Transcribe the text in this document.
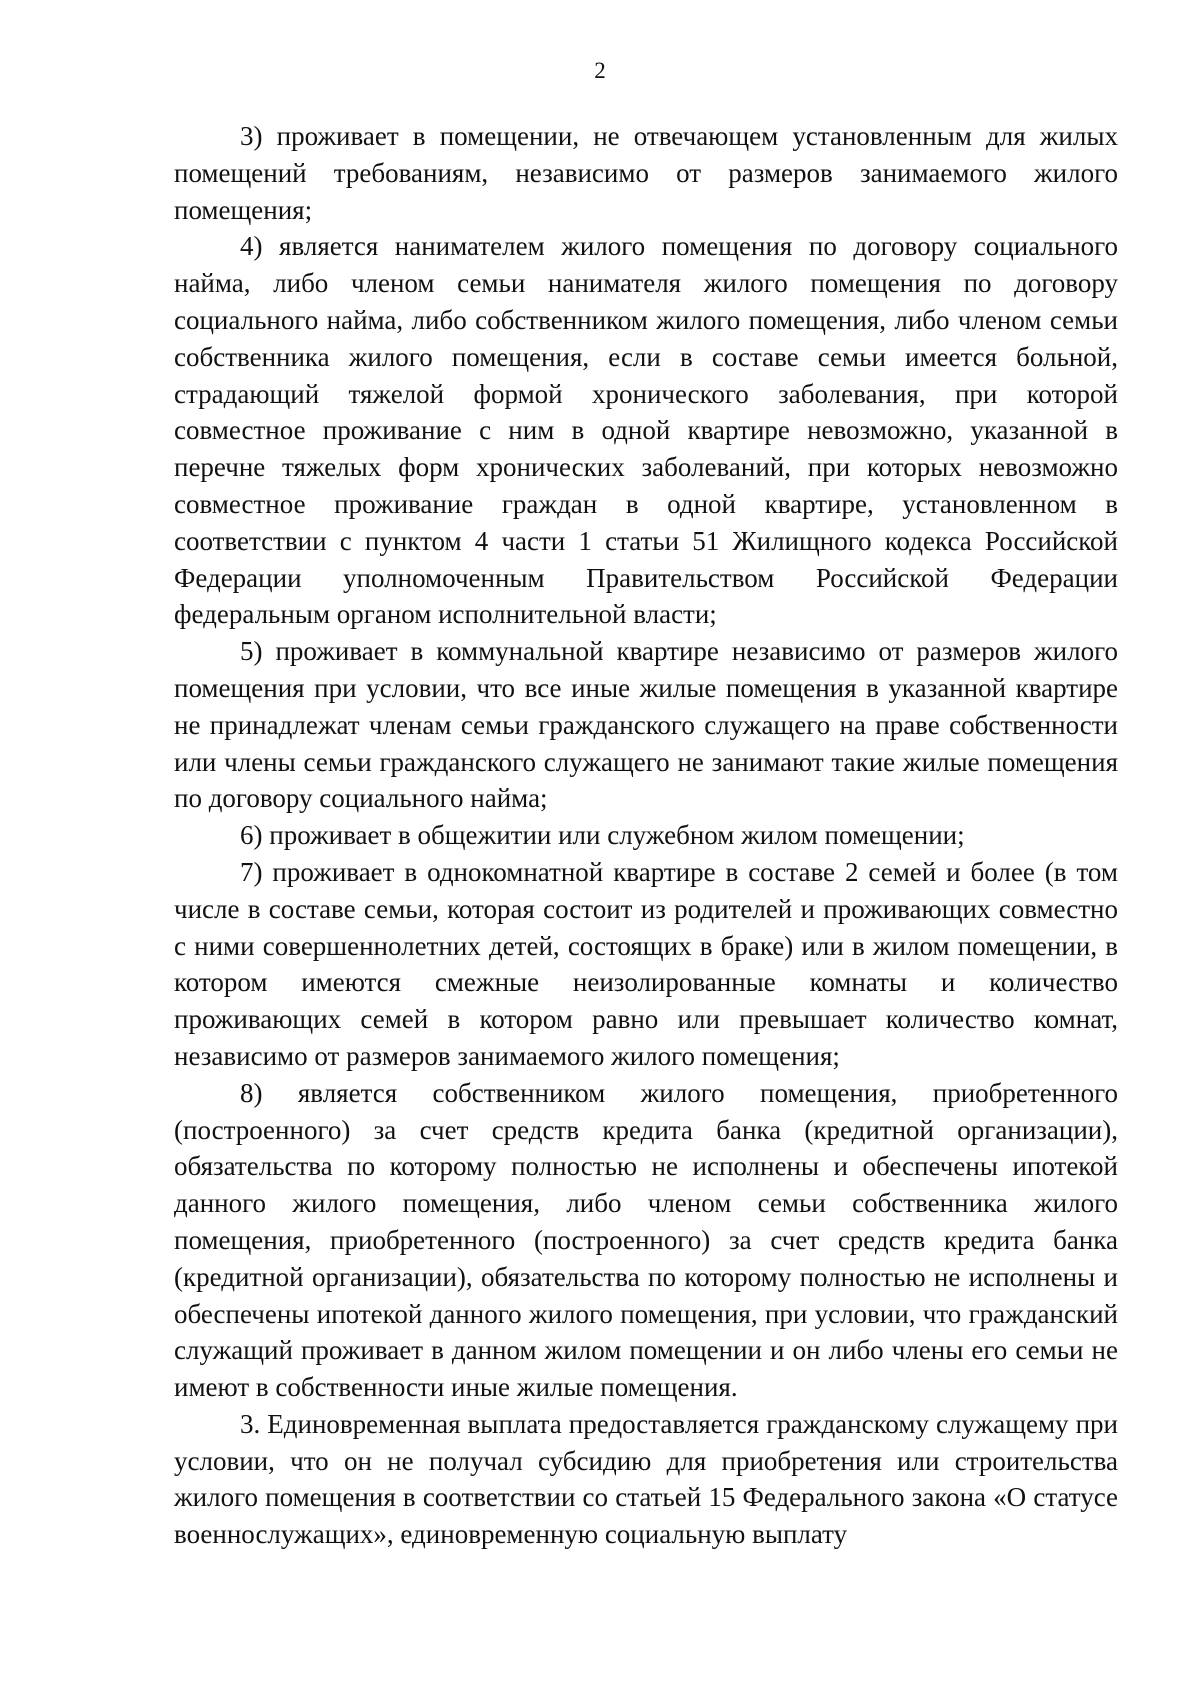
2

3) проживает в помещении, не отвечающем установленным для жилых помещений требованиям, независимо от размеров занимаемого жилого помещения;

4) является нанимателем жилого помещения по договору социального найма, либо членом семьи нанимателя жилого помещения по договору социального найма, либо собственником жилого помещения, либо членом семьи собственника жилого помещения, если в составе семьи имеется больной, страдающий тяжелой формой хронического заболевания, при которой совместное проживание с ним в одной квартире невозможно, указанной в перечне тяжелых форм хронических заболеваний, при которых невозможно совместное проживание граждан в одной квартире, установленном в соответствии с пунктом 4 части 1 статьи 51 Жилищного кодекса Российской Федерации уполномоченным Правительством Российской Федерации федеральным органом исполнительной власти;

5) проживает в коммунальной квартире независимо от размеров жилого помещения при условии, что все иные жилые помещения в указанной квартире не принадлежат членам семьи гражданского служащего на праве собственности или члены семьи гражданского служащего не занимают такие жилые помещения по договору социального найма;

6) проживает в общежитии или служебном жилом помещении;

7) проживает в однокомнатной квартире в составе 2 семей и более (в том числе в составе семьи, которая состоит из родителей и проживающих совместно с ними совершеннолетних детей, состоящих в браке) или в жилом помещении, в котором имеются смежные неизолированные комнаты и количество проживающих семей в котором равно или превышает количество комнат, независимо от размеров занимаемого жилого помещения;

8) является собственником жилого помещения, приобретенного (построенного) за счет средств кредита банка (кредитной организации), обязательства по которому полностью не исполнены и обеспечены ипотекой данного жилого помещения, либо членом семьи собственника жилого помещения, приобретенного (построенного) за счет средств кредита банка (кредитной организации), обязательства по которому полностью не исполнены и обеспечены ипотекой данного жилого помещения, при условии, что гражданский служащий проживает в данном жилом помещении и он либо члены его семьи не имеют в собственности иные жилые помещения.

3. Единовременная выплата предоставляется гражданскому служащему при условии, что он не получал субсидию для приобретения или строительства жилого помещения в соответствии со статьей 15 Федерального закона «О статусе военнослужащих», единовременную социальную выплату
